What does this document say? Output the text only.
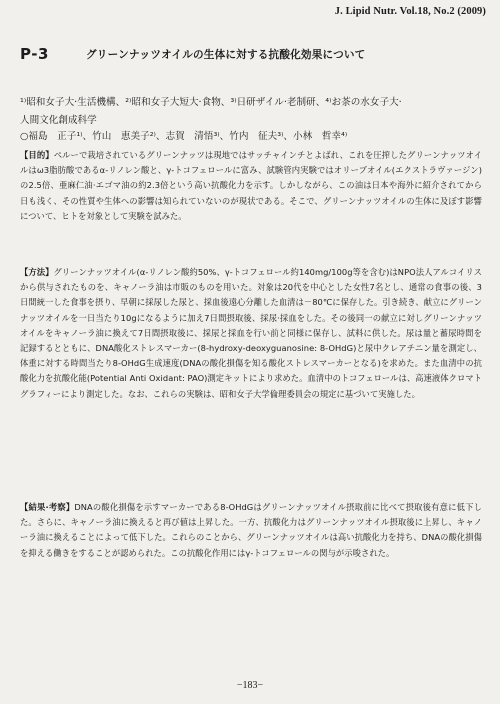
J. Lipid Nutr. Vol.18, No.2 (2009)
P-3	グリーンナッツオイルの生体に対する抗酸化効果について
¹⁾昭和女子大·生活機構、²⁾昭和女子大短大·食物、³⁾日研ザイル·老制研、⁴⁾お茶の水女子大·
人間文化創成科学
○福島　正子¹⁾、竹山　恵美子²⁾、志賀　清悟³⁾、竹内　征夫³⁾、小林　哲幸⁴⁾

【目的】ペルーで栽培されているグリーンナッツは現地ではサッチャインチとよばれ、これを圧搾したグリーンナッツオイルはω3脂肪酸であるα-リノレン酸と、γ-トコフェロールに富み、試験管内実験ではオリーブオイル(エクストラヴァージン)の2.5倍、亜麻仁油·エゴマ油の約2.3倍という高い抗酸化力を示す。しかしながら、この油は日本や海外に紹介されてから日も浅く、その性質や生体への影響は知られていないのが現状である。そこで、グリーンナッツオイルの生体に及ぼす影響について、ヒトを対象として実験を試みた。

【方法】グリーンナッツオイル(α-リノレン酸約50%、γ-トコフェロール約140mg/100g等を含む)はNPO法人アルコイリスから供与されたものを、キャノーラ油は市販のものを用いた。対象は20代を中心とした女性7名とし、通常の食事の後、3日間統一した食事を摂り、早朝に採尿した尿と、採血後遠心分離した血清は－80℃に保存した。引き続き、献立にグリーンナッツオイルを一日当たり10gになるように加え7日間摂取後、採尿·採血をした。その後同一の献立に対しグリーンナッツオイルをキャノーラ油に換えて7日間摂取後に、採尿と採血を行い前と同様に保存し、試料に供した。尿は量と蓄尿時間を記録するとともに、DNA酸化ストレスマーカー(8-hydroxy-deoxyguanosine: 8-OHdG)と尿中クレアチニン量を測定し、体重に対する時間当たり8-OHdG生成速度(DNAの酸化損傷を知る酸化ストレスマーカーとなる)を求めた。また血清中の抗酸化力を抗酸化能(Potential Anti Oxidant: PAO)測定キットにより求めた。血清中のトコフェロールは、高速液体クロマトグラフィーにより測定した。なお、これらの実験は、昭和女子大学倫理委員会の規定に基づいて実施した。

【結果·考察】DNAの酸化損傷を示すマーカーである8-OHdGはグリーンナッツオイル摂取前に比べて摂取後有意に低下した。さらに、キャノーラ油に換えると再び値は上昇した。一方、抗酸化力はグリーンナッツオイル摂取後に上昇し、キャノーラ油に換えることによって低下した。これらのことから、グリーンナッツオイルは高い抗酸化力を持ち、DNAの酸化損傷を抑える働きをすることが認められた。この抗酸化作用にはγ-トコフェロールの関与が示唆された。

−183−
